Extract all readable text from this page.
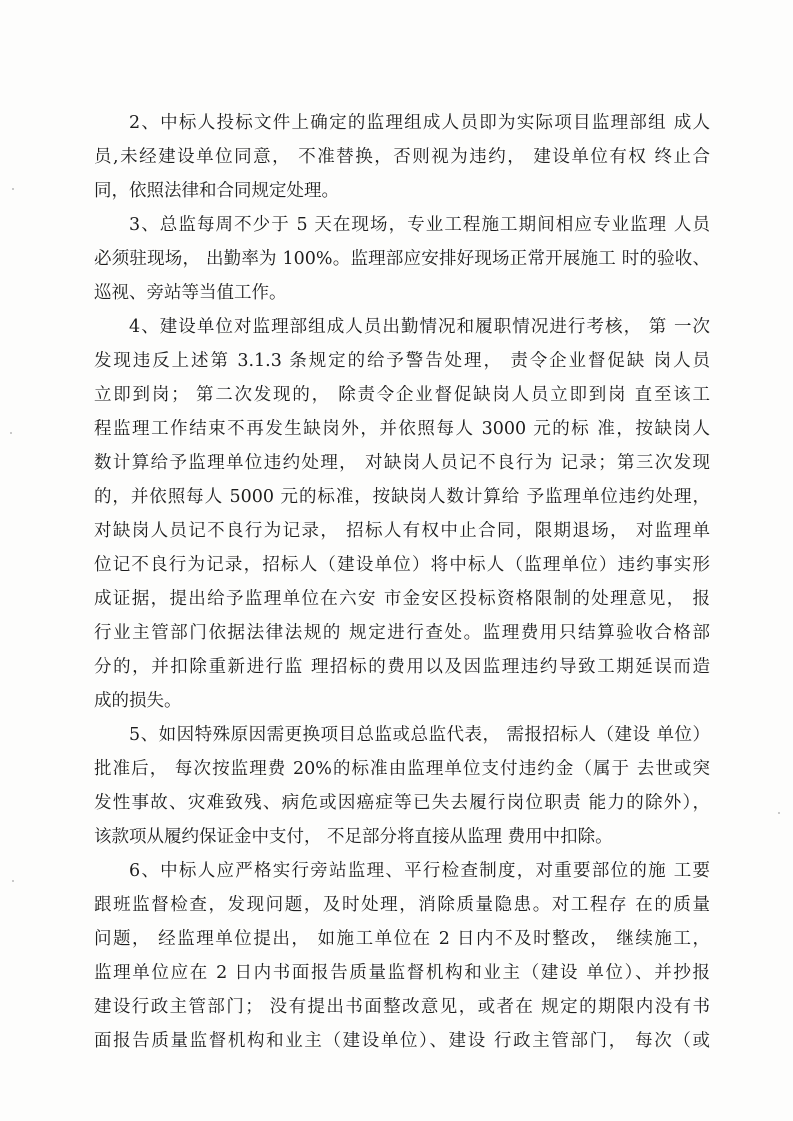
2、中标人投标文件上确定的监理组成人员即为实际项目监理部组 成人
员,未经建设单位同意， 不准替换，否则视为违约， 建设单位有权 终止合
同，依照法律和合同规定处理。
3、总监每周不少于 5 天在现场，专业工程施工期间相应专业监理 人员
必须驻现场， 出勤率为 100%。监理部应安排好现场正常开展施工 时的验收、
巡视、旁站等当值工作。
4、建设单位对监理部组成人员出勤情况和履职情况进行考核， 第 一次
发现违反上述第 3.1.3 条规定的给予警告处理， 责令企业督促缺 岗人员
立即到岗； 第二次发现的， 除责令企业督促缺岗人员立即到岗 直至该工
程监理工作结束不再发生缺岗外，并依照每人 3000 元的标 准，按缺岗人
数计算给予监理单位违约处理， 对缺岗人员记不良行为 记录；第三次发现
的，并依照每人 5000 元的标准，按缺岗人数计算给 予监理单位违约处理，
对缺岗人员记不良行为记录， 招标人有权中止合同，限期退场， 对监理单
位记不良行为记录，招标人（建设单位）将中标人（监理单位）违约事实形
成证据，提出给予监理单位在六安 市金安区投标资格限制的处理意见， 报
行业主管部门依据法律法规的 规定进行查处。监理费用只结算验收合格部
分的，并扣除重新进行监 理招标的费用以及因监理违约导致工期延误而造
成的损失。
5、如因特殊原因需更换项目总监或总监代表， 需报招标人（建设 单位）
批准后， 每次按监理费 20%的标准由监理单位支付违约金（属于 去世或突
发性事故、灾难致残、病危或因癌症等已失去履行岗位职责 能力的除外），
该款项从履约保证金中支付， 不足部分将直接从监理 费用中扣除。
6、中标人应严格实行旁站监理、平行检查制度，对重要部位的施 工要
跟班监督检查，发现问题，及时处理，消除质量隐患。对工程存 在的质量
问题， 经监理单位提出， 如施工单位在 2 日内不及时整改， 继续施工，
监理单位应在 2 日内书面报告质量监督机构和业主（建设 单位）、并抄报
建设行政主管部门； 没有提出书面整改意见，或者在 规定的期限内没有书
面报告质量监督机构和业主（建设单位）、建设 行政主管部门， 每次（或
